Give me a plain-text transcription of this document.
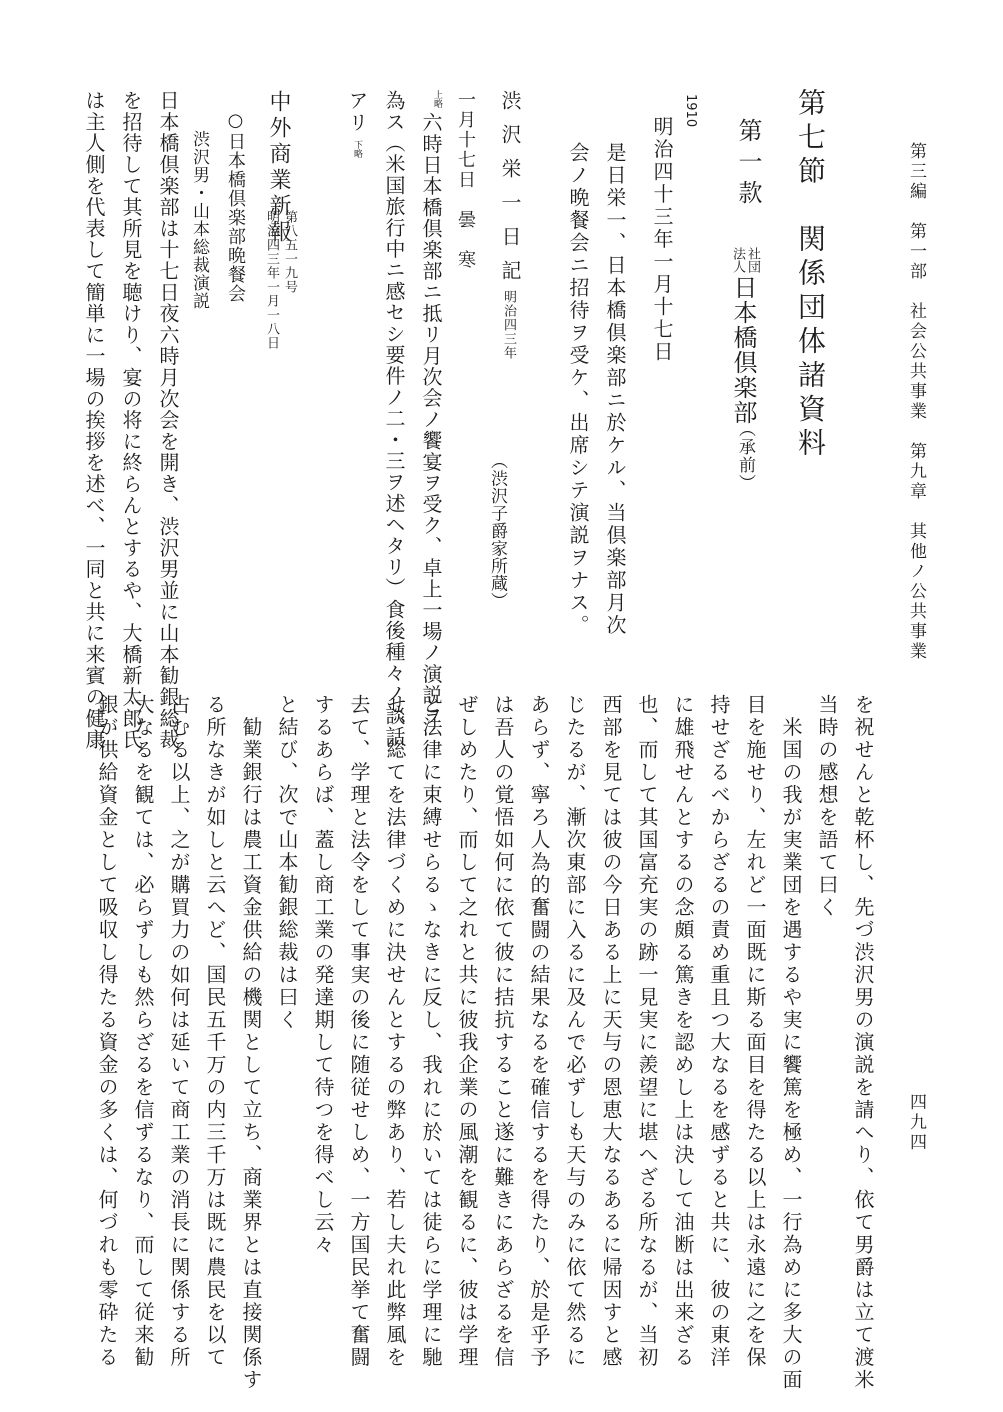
第三編　第一部　社会公共事業　第九章　其他ノ公共事業
四九四
第七節　関係団体諸資料
第一款
社団
法人
日本橋倶楽部
（承前）
1910
明治四十三年一月十七日
是日栄一、日本橋倶楽部ニ於ケル、当倶楽部月次
会ノ晩餐会ニ招待ヲ受ケ、出席シテ演説ヲナス。
渋沢栄一日記
明治四三年
（渋沢子爵家所蔵）
一月十七日　曇　寒
上略
六時日本橋倶楽部ニ抵リ月次会ノ饗宴ヲ受ク、卓上一場ノ演説ヲ
為ス（米国旅行中ニ感セシ要件ノ二・三ヲ述ヘタリ）食後種々ノ談話
アリ
下略
中外商業新報
第八五一九号
明治四三年一月一八日
○日本橋倶楽部晩餐会
渋沢男・山本総裁演説
日本橋倶楽部は十七日夜六時月次会を開き、渋沢男並に山本勧銀総裁
を招待して其所見を聴けり、宴の将に終らんとするや、大橋新太郎氏
は主人側を代表して簡単に一場の挨拶を述べ、一同と共に来賓の健康
を祝せんと乾杯し、先づ渋沢男の演説を請へり、依て男爵は立て渡米
当時の感想を語て曰く
　米国の我が実業団を遇するや実に饗篤を極め、一行為めに多大の面
目を施せり、左れど一面既に斯る面目を得たる以上は永遠に之を保
持せざるべからざるの責め重且つ大なるを感ずると共に、彼の東洋
に雄飛せんとするの念頗る篤きを認めし上は決して油断は出来ざる
也、而して其国富充実の跡一見実に羨望に堪へざる所なるが、当初
西部を見ては彼の今日ある上に天与の恩恵大なるあるに帰因すと感
じたるが、漸次東部に入るに及んで必ずしも天与のみに依て然るに
あらず、寧ろ人為的奮闘の結果なるを確信するを得たり、於是乎予
は吾人の覚悟如何に依て彼に拮抗すること遂に難きにあらざるを信
ぜしめたり、而して之れと共に彼我企業の風潮を観るに、彼は学理
と法律に束縛せらるゝなきに反し、我れに於いては徒らに学理に馳
せ、総てを法律づくめに決せんとするの弊あり、若し夫れ此弊風を
去て、学理と法令をして事実の後に随従せしめ、一方国民挙て奮闘
するあらば、蓋し商工業の発達期して待つを得べし云々
と結び、次で山本勧銀総裁は曰く
　勧業銀行は農工資金供給の機関として立ち、商業界とは直接関係す
る所なきが如しと云へど、国民五千万の内三千万は既に農民を以て
占むる以上、之が購買力の如何は延いて商工業の消長に関係する所
大なるを観ては、必らずしも然らざるを信ずるなり、而して従来勧
銀が供給資金として吸収し得たる資金の多くは、何づれも零砕たる
